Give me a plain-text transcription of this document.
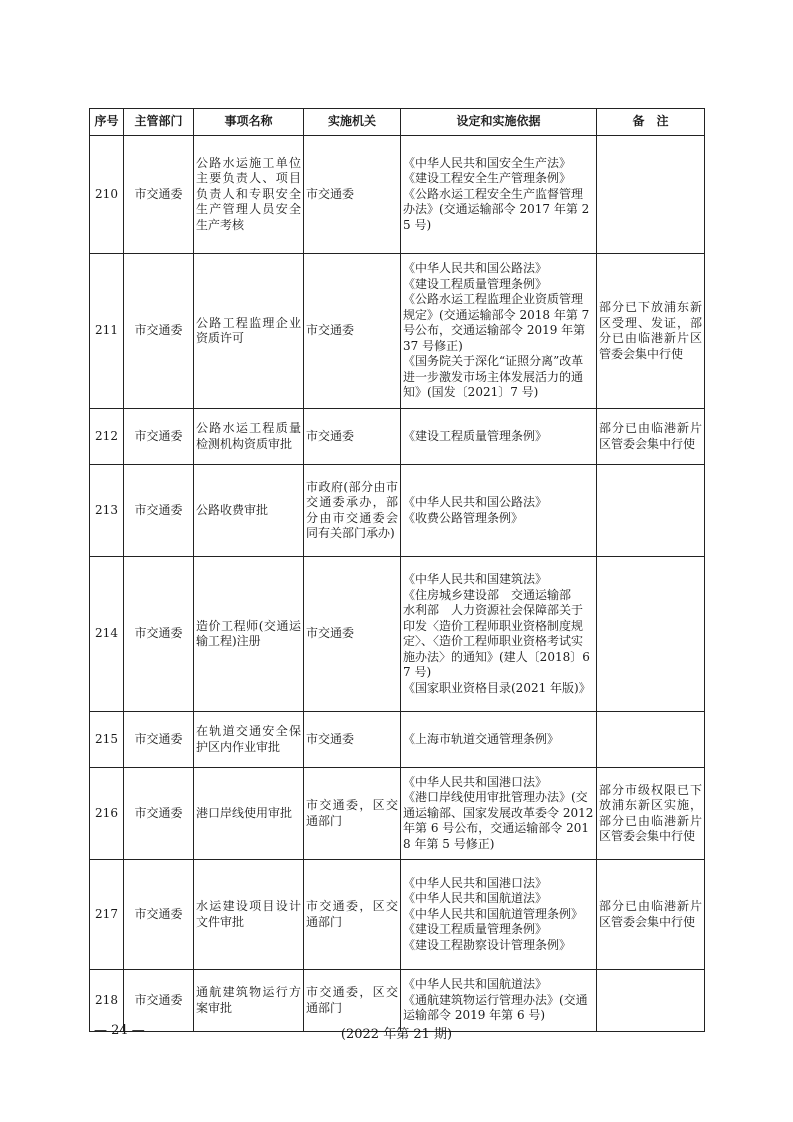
序号	主管部门	事项名称	实施机关	设定和实施依据	备　注
210	市交通委	公路水运施工单位主要负责人、项目负责人和专职安全生产管理人员安全生产考核	市交通委	《中华人民共和国安全生产法》
《建设工程安全生产管理条例》
《公路水运工程安全生产监督管理办法》(交通运输部令 2017 年第 25 号)	

211	市交通委	公路工程监理企业资质许可	市交通委	《中华人民共和国公路法》
《建设工程质量管理条例》
《公路水运工程监理企业资质管理规定》(交通运输部令 2018 年第 7 号公布，交通运输部令 2019 年第 37 号修正)
《国务院关于深化“证照分离”改革进一步激发市场主体发展活力的通知》(国发〔2021〕7 号)	部分已下放浦东新区受理、发证，部分已由临港新片区管委会集中行使
212	市交通委	公路水运工程质量检测机构资质审批	市交通委	《建设工程质量管理条例》	部分已由临港新片区管委会集中行使
213	市交通委	公路收费审批	市政府(部分由市交通委承办，部分由市交通委会同有关部门承办)	《中华人民共和国公路法》
《收费公路管理条例》	

214	市交通委	造价工程师(交通运输工程)注册	市交通委	《中华人民共和国建筑法》
《住房城乡建设部　交通运输部　水利部　人力资源社会保障部关于印发〈造价工程师职业资格制度规定〉、〈造价工程师职业资格考试实施办法〉的通知》(建人〔2018〕67 号)
《国家职业资格目录(2021 年版)》	

215	市交通委	在轨道交通安全保护区内作业审批	市交通委	《上海市轨道交通管理条例》	

216	市交通委	港口岸线使用审批	市交通委，区交通部门	《中华人民共和国港口法》
《港口岸线使用审批管理办法》(交通运输部、国家发展改革委令 2012 年第 6 号公布，交通运输部令 2018 年第 5 号修正)	部分市级权限已下放浦东新区实施，部分已由临港新片区管委会集中行使
217	市交通委	水运建设项目设计文件审批	市交通委，区交通部门	《中华人民共和国港口法》
《中华人民共和国航道法》
《中华人民共和国航道管理条例》
《建设工程质量管理条例》
《建设工程勘察设计管理条例》	部分已由临港新片区管委会集中行使
218	市交通委	通航建筑物运行方案审批	市交通委，区交通部门	《中华人民共和国航道法》
《通航建筑物运行管理办法》(交通运输部令 2019 年第 6 号)	

— 24 —	(2022 年第 21 期)
